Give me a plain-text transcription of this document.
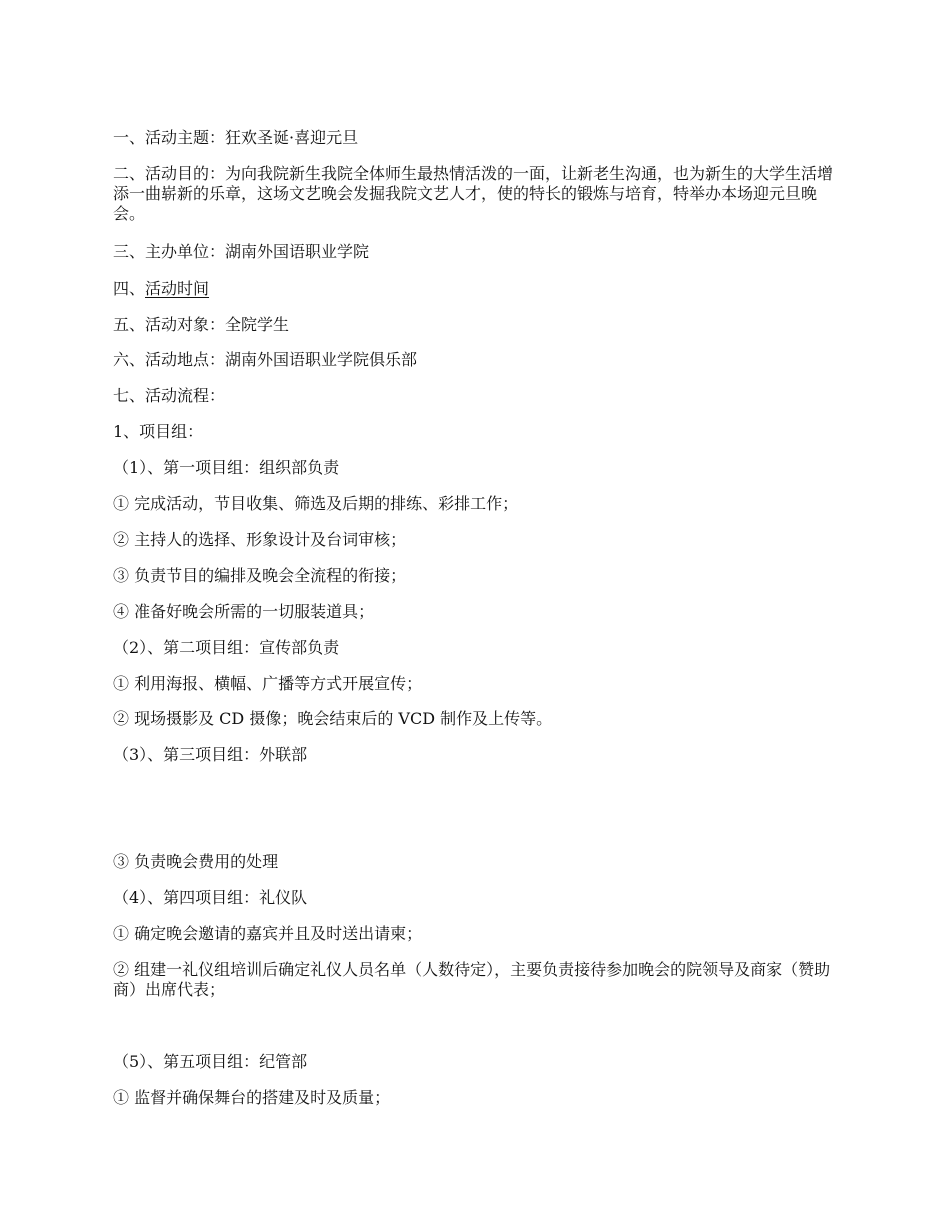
一、活动主题：狂欢圣诞·喜迎元旦
二、活动目的：为向我院新生我院全体师生最热情活泼的一面，让新老生沟通，也为新生的大学生活增添一曲崭新的乐章，这场文艺晚会发掘我院文艺人才，使的特长的锻炼与培育，特举办本场迎元旦晚会。
三、主办单位：湖南外国语职业学院
四、活动时间
五、活动对象：全院学生
六、活动地点：湖南外国语职业学院俱乐部
七、活动流程：
1、项目组：
（1）、第一项目组：组织部负责
① 完成活动，节目收集、筛选及后期的排练、彩排工作；
② 主持人的选择、形象设计及台词审核；
③ 负责节目的编排及晚会全流程的衔接；
④ 准备好晚会所需的一切服装道具；
（2）、第二项目组：宣传部负责
① 利用海报、横幅、广播等方式开展宣传；
② 现场摄影及 CD 摄像；晚会结束后的 VCD 制作及上传等。
（3）、第三项目组：外联部
③ 负责晚会费用的处理
（4）、第四项目组：礼仪队
① 确定晚会邀请的嘉宾并且及时送出请柬；
② 组建一礼仪组培训后确定礼仪人员名单（人数待定），主要负责接待参加晚会的院领导及商家（赞助商）出席代表；
（5）、第五项目组：纪管部
① 监督并确保舞台的搭建及时及质量；
